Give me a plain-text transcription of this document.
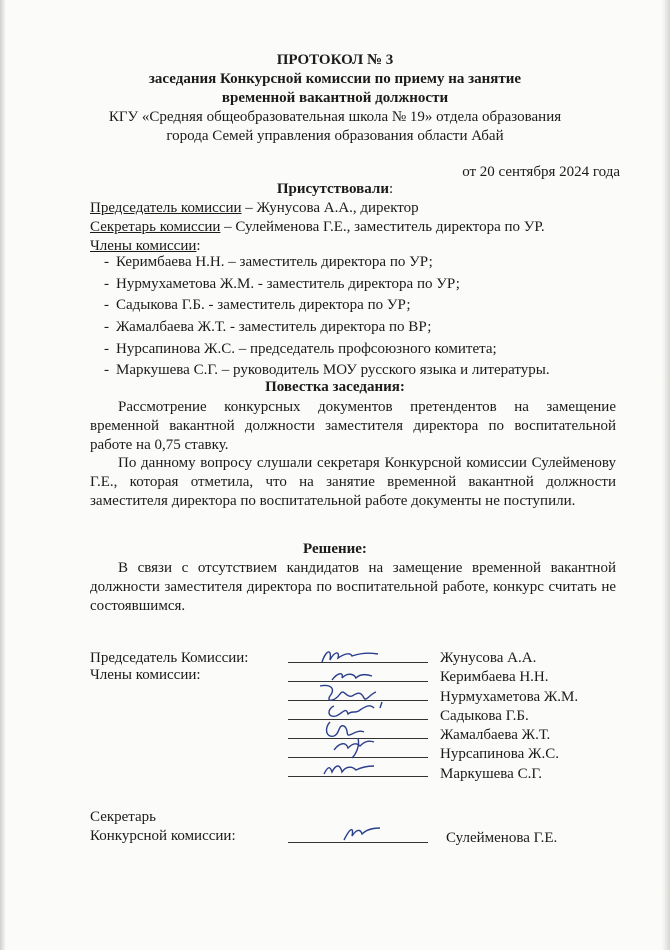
ПРОТОКОЛ № 3
заседания Конкурсной комиссии по приему на занятие
временной вакантной должности
КГУ «Средняя общеобразовательная школа № 19» отдела образования
города Семей управления образования области Абай
от 20 сентября 2024 года
Присутствовали:
Председатель комиссии – Жунусова А.А., директор
Секретарь комиссии – Сулейменова Г.Е., заместитель директора по УР.
Члены комиссии:
- Керимбаева Н.Н. – заместитель директора по УР;
- Нурмухаметова Ж.М. - заместитель директора по УР;
- Садыкова Г.Б. - заместитель директора по УР;
- Жамалбаева Ж.Т. - заместитель директора по ВР;
- Нурсапинова Ж.С. – председатель профсоюзного комитета;
- Маркушева С.Г. – руководитель МОУ русского языка и литературы.
Повестка заседания:
Рассмотрение конкурсных документов претендентов на замещение временной вакантной должности заместителя директора по воспитательной работе на 0,75 ставку.
По данному вопросу слушали секретаря Конкурсной комиссии Сулейменову Г.Е., которая отметила, что на занятие временной вакантной должности заместителя директора по воспитательной работе документы не поступили.
Решение:
В связи с отсутствием кандидатов на замещение временной вакантной должности заместителя директора по воспитательной работе, конкурс считать не состоявшимся.
Председатель Комиссии:
Члены комиссии:
Жунусова А.А.
Керимбаева Н.Н.
Нурмухаметова Ж.М.
Садыкова Г.Б.
Жамалбаева Ж.Т.
Нурсапинова Ж.С.
Маркушева С.Г.
Секретарь
Конкурсной комиссии:	Сулейменова Г.Е.
